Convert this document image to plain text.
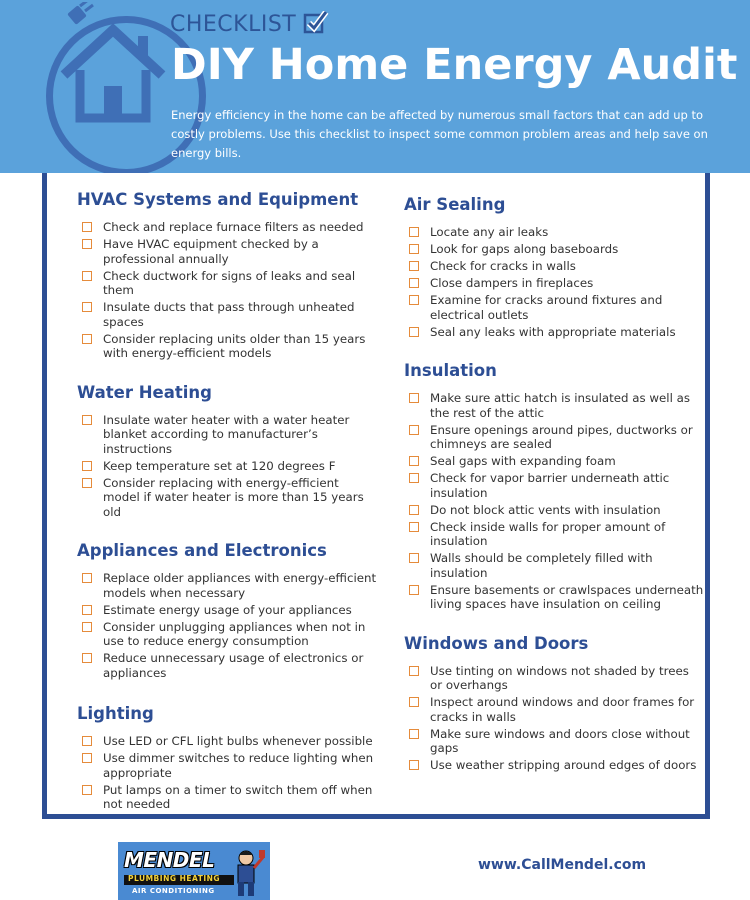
CHECKLIST
DIY Home Energy Audit
Energy efficiency in the home can be affected by numerous small factors that can add up to costly problems. Use this checklist to inspect some common problem areas and help save on energy bills.
HVAC Systems and Equipment
Check and replace furnace filters as needed
Have HVAC equipment checked by a professional annually
Check ductwork for signs of leaks and seal them
Insulate ducts that pass through unheated spaces
Consider replacing units older than 15 years with energy-efficient models
Water Heating
Insulate water heater with a water heater blanket according to manufacturer’s instructions
Keep temperature set at 120 degrees F
Consider replacing with energy-efficient model if water heater is more than 15 years old
Appliances and Electronics
Replace older appliances with energy-efficient models when necessary
Estimate energy usage of your appliances
Consider unplugging appliances when not in use to reduce energy consumption
Reduce unnecessary usage of electronics or appliances
Lighting
Use LED or CFL light bulbs whenever possible
Use dimmer switches to reduce lighting when appropriate
Put lamps on a timer to switch them off when not needed
Air Sealing
Locate any air leaks
Look for gaps along baseboards
Check for cracks in walls
Close dampers in fireplaces
Examine for cracks around fixtures and electrical outlets
Seal any leaks with appropriate materials
Insulation
Make sure attic hatch is insulated as well as the rest of the attic
Ensure openings around pipes, ductworks or chimneys are sealed
Seal gaps with expanding foam
Check for vapor barrier underneath attic insulation
Do not block attic vents with insulation
Check inside walls for proper amount of insulation
Walls should be completely filled with insulation
Ensure basements or crawlspaces underneath living spaces have insulation on ceiling
Windows and Doors
Use tinting on windows not shaded by trees or overhangs
Inspect around windows and door frames for cracks in walls
Make sure windows and doors close without gaps
Use weather stripping around edges of doors
MENDEL
PLUMBING HEATING
AIR CONDITIONING
www.CallMendel.com
